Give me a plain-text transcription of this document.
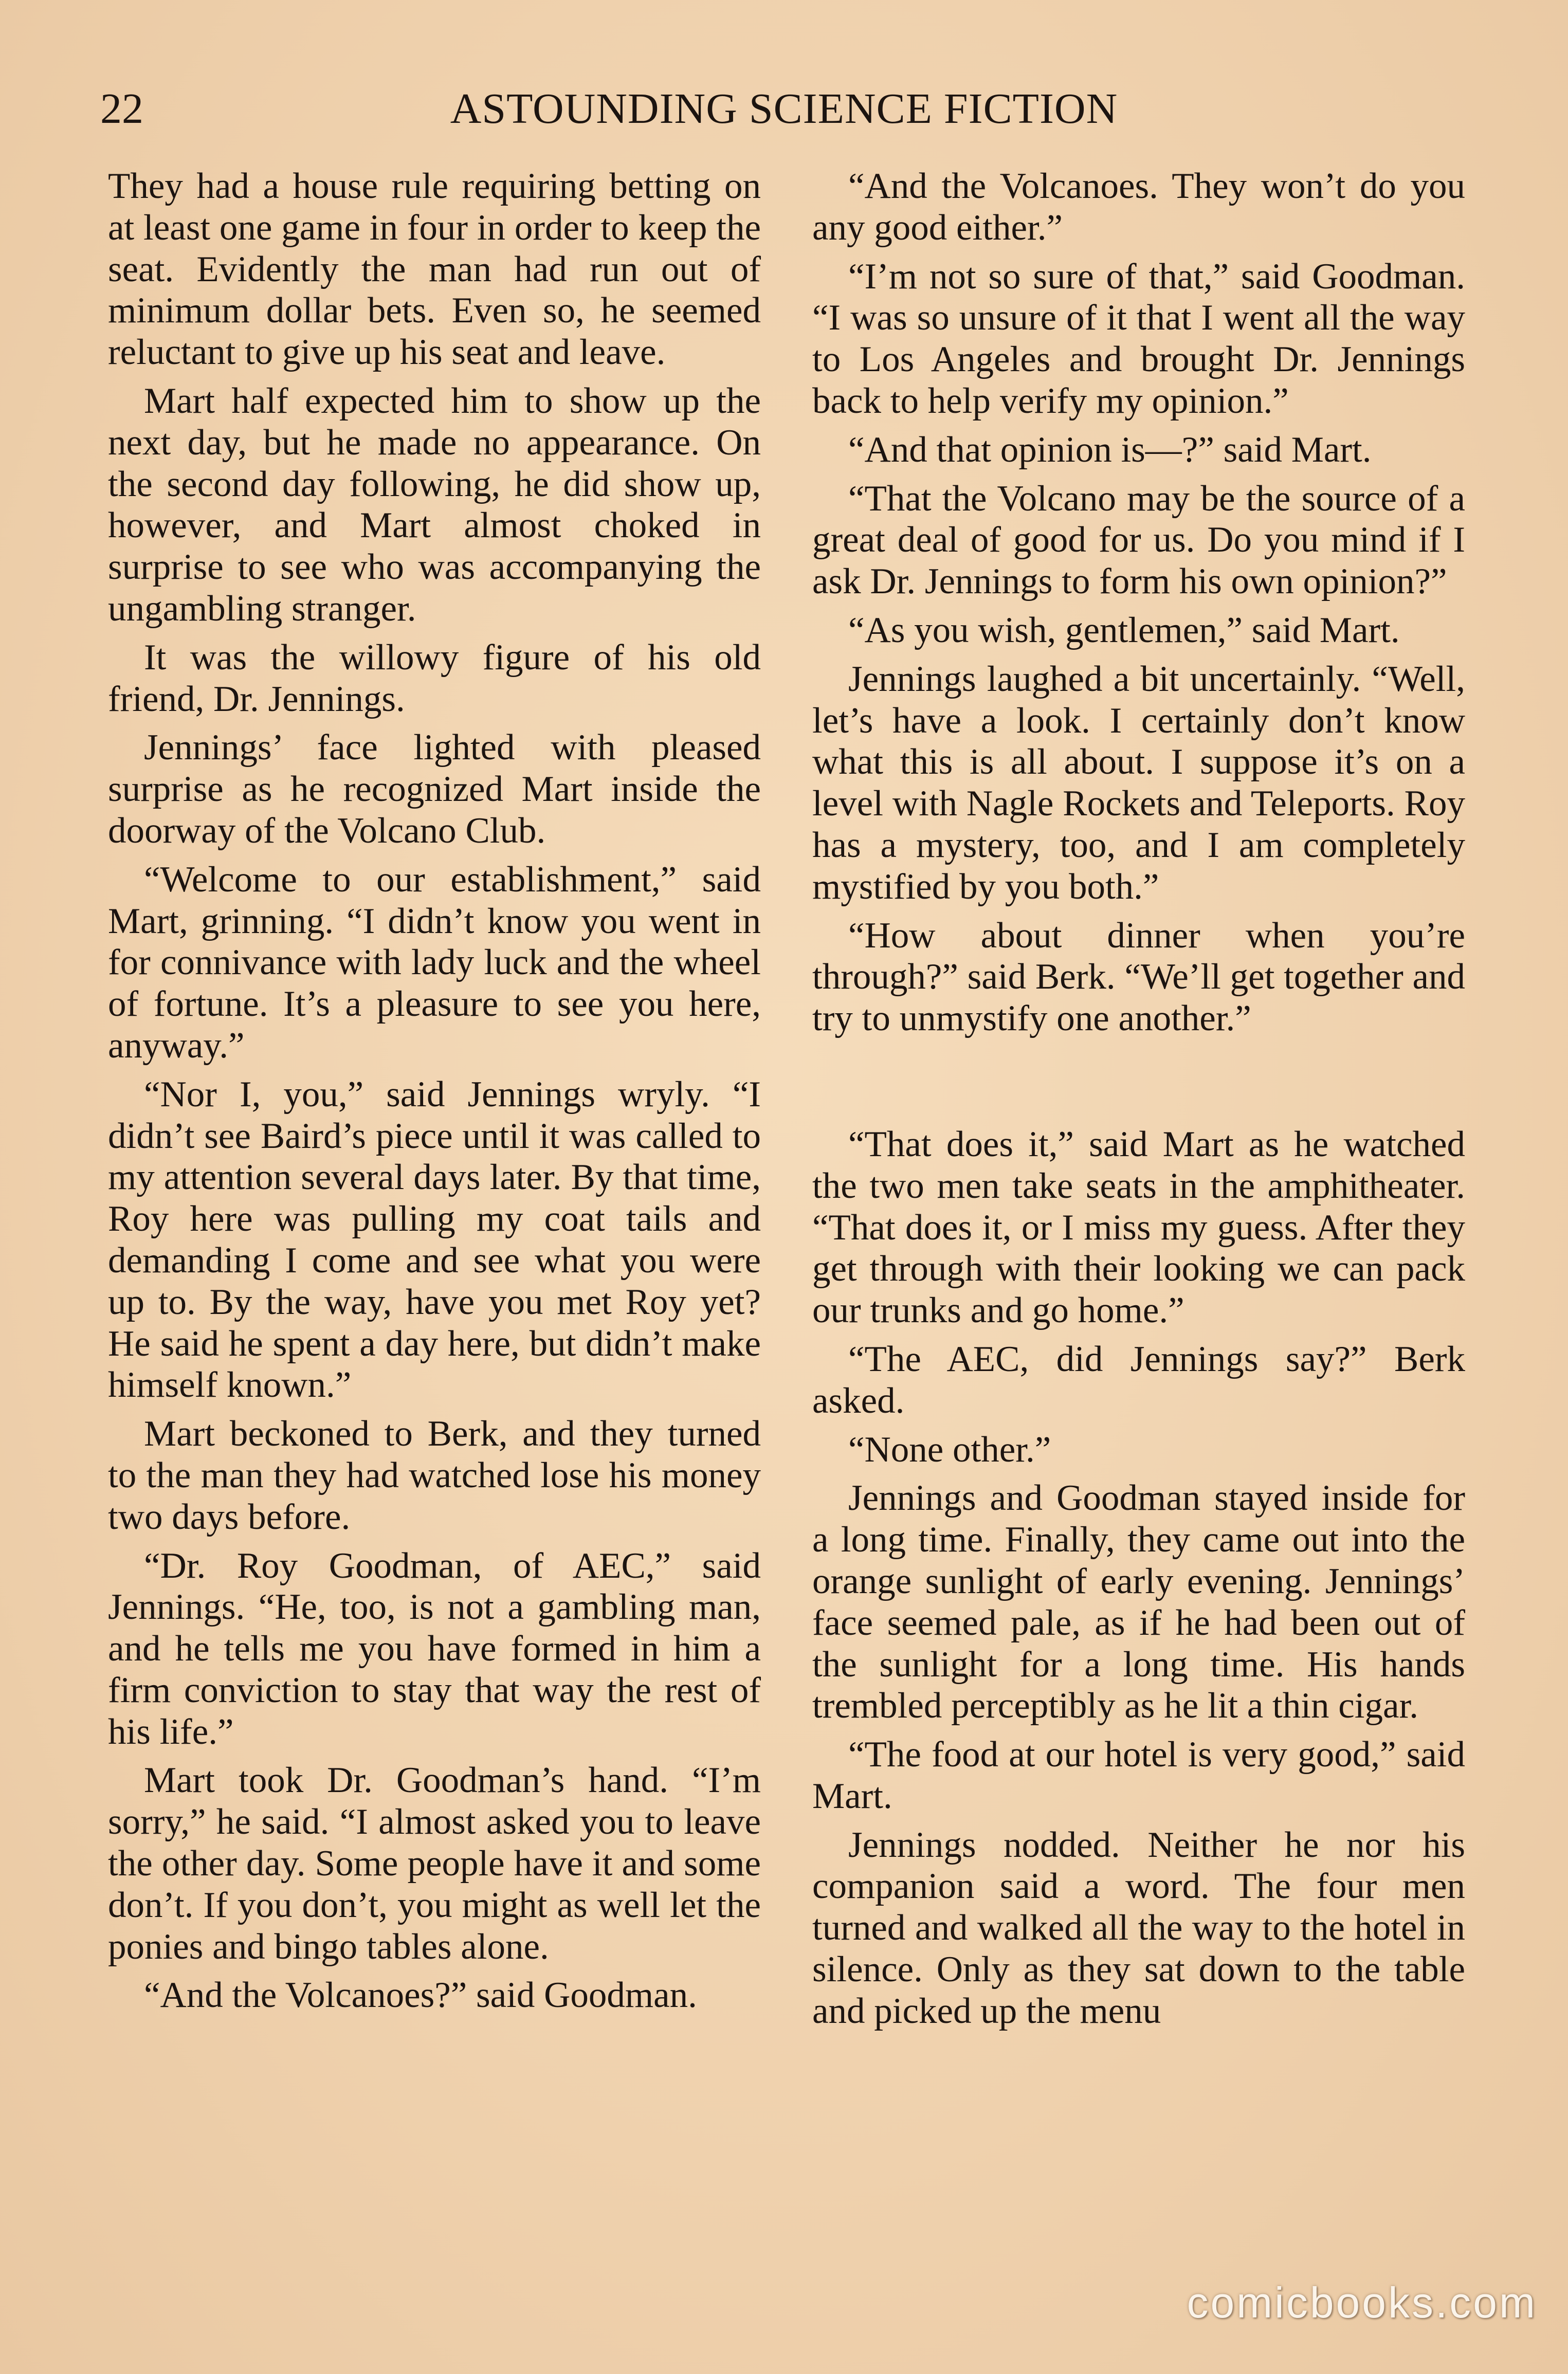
22	ASTOUNDING SCIENCE FICTION

They had a house rule requiring betting on at least one game in four in order to keep the seat. Evidently the man had run out of minimum dollar bets. Even so, he seemed reluctant to give up his seat and leave.

Mart half expected him to show up the next day, but he made no appearance. On the second day following, he did show up, however, and Mart almost choked in surprise to see who was accompanying the ungambling stranger.

It was the willowy figure of his old friend, Dr. Jennings.

Jennings’ face lighted with pleased surprise as he recognized Mart inside the doorway of the Volcano Club.

“Welcome to our establishment,” said Mart, grinning. “I didn’t know you went in for connivance with lady luck and the wheel of fortune. It’s a pleasure to see you here, anyway.”

“Nor I, you,” said Jennings wryly. “I didn’t see Baird’s piece until it was called to my attention several days later. By that time, Roy here was pulling my coat tails and demanding I come and see what you were up to. By the way, have you met Roy yet? He said he spent a day here, but didn’t make himself known.”

Mart beckoned to Berk, and they turned to the man they had watched lose his money two days before.

“Dr. Roy Goodman, of AEC,” said Jennings. “He, too, is not a gambling man, and he tells me you have formed in him a firm conviction to stay that way the rest of his life.”

Mart took Dr. Goodman’s hand. “I’m sorry,” he said. “I almost asked you to leave the other day. Some people have it and some don’t. If you don’t, you might as well let the ponies and bingo tables alone.

“And the Volcanoes?” said Goodman.

“And the Volcanoes. They won’t do you any good either.”

“I’m not so sure of that,” said Goodman. “I was so unsure of it that I went all the way to Los Angeles and brought Dr. Jennings back to help verify my opinion.”

“And that opinion is—?” said Mart.

“That the Volcano may be the source of a great deal of good for us. Do you mind if I ask Dr. Jennings to form his own opinion?”

“As you wish, gentlemen,” said Mart.

Jennings laughed a bit uncertainly. “Well, let’s have a look. I certainly don’t know what this is all about. I suppose it’s on a level with Nagle Rockets and Teleports. Roy has a mystery, too, and I am completely mystified by you both.”

“How about dinner when you’re through?” said Berk. “We’ll get together and try to unmystify one another.”

“That does it,” said Mart as he watched the two men take seats in the amphitheater. “That does it, or I miss my guess. After they get through with their looking we can pack our trunks and go home.”

“The AEC, did Jennings say?” Berk asked.

“None other.”

Jennings and Goodman stayed inside for a long time. Finally, they came out into the orange sunlight of early evening. Jennings’ face seemed pale, as if he had been out of the sunlight for a long time. His hands trembled perceptibly as he lit a thin cigar.

“The food at our hotel is very good,” said Mart.

Jennings nodded. Neither he nor his companion said a word. The four men turned and walked all the way to the hotel in silence. Only as they sat down to the table and picked up the menu

comicbooks.com
